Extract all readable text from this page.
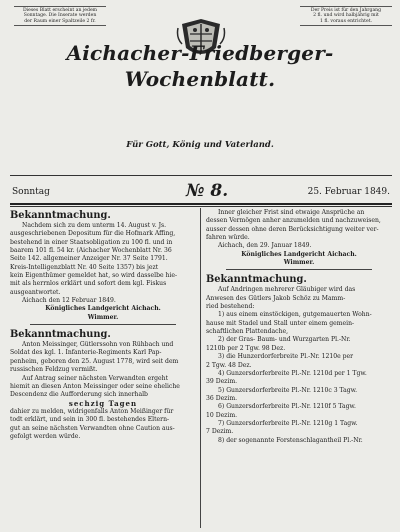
Dieses Blatt erscheint an jedem
Sonntage. Die Inserate werden
der Raum einer Spaltzeile 2 fr.
Der Preis ist für den Jahrgang
2 fl. und wird halbjährig mit
1 fl. voraus entrichtet.
Aichacher-Friedberger-
Wochenblatt.
Für Gott, König und Vaterland.
Sonntag	№ 8.	25. Februar 1849.

Bekanntmachung.

Nachdem sich zu dem unterm 14. August v. Js.

ausgeschriebenen Depositum für die Hofmark Affing,

bestehend in einer Staatsobligation zu 100 fl. und in

baarem 101 fl. 54 kr. (Aichacher Wochenblatt Nr. 36

Seite 142. allgemeiner Anzeiger Nr. 37 Seite 1791.

Kreis-Intelligenzblatt Nr. 40 Seite 1357) bis jezt

kein Eigenthümer gemeldet hat, so wird dasselbe hie-

mit als herrnlos erklärt und sofort dem kgl. Fiskus

ausgeantwortet.

Aichach den 12 Februar 1849.

Königliches Landgericht Aichach.

Wimmer.

Bekanntmachung.

Anton Meissinger, Gütlerssohn von Rühbach und

Soldat des kgl. 1. Infanterie-Regiments Karl Pap-

penheim, geboren den 25. August 1778, wird seit dem

russischen Feldzug vermißt.

Auf Antrag seiner nächsten Verwandten ergeht

hiemit an diesen Anton Meissinger oder seine eheliche

Descendenz die Aufforderung sich innerhalb

sechzig Tagen

dahier zu melden, widrigenfalls Anton Meißinger für

todt erklärt, und sein in 300 fl. bestehendes Eltern-

gut an seine nächsten Verwandten ohne Caution aus-

gefolgt werden würde.

Inner gleicher Frist sind etwaige Ansprüche an

dessen Vermögen anher anzumelden und nachzuweisen,

ausser dessen ohne deren Berücksichtigung weiter ver-

fahren würde.

Aichach, den 29. Januar 1849.

Königliches Landgericht Aichach.

Wimmer.

Bekanntmachung.

Auf Andringen mehrerer Gläubiger wird das

Anwesen des Gütlers Jakob Schöz zu Mamm-

ried bestehend:

1) aus einem einstöckigen, gutgemauerten Wohn-

hause mit Stadel und Stall unter einem gemein-

schaftlichen Plattendache,

2) der Gras- Baum- und Wurzgarten Pl.-Nr.

1210b per 2 Tgw. 98 Dez.

3) die Hunzerdorferbreite Pl.-Nr. 1210e per

2 Tgw. 48 Dez.

4) Gunzersdorferbreite Pl.-Nr. 1210d per 1 Tgw.

39 Dezim.

5) Gunzersdorferbreite Pl.-Nr. 1210c 3 Tagw.

36 Dezim.

6) Gunzersdorferbreite Pl.-Nr. 1210f 5 Tagw.

10 Dezim.

7) Gunzersdorferbreite Pl.-Nr. 1210g 1 Tagw.

7 Dezim.

8) der sogenannte Forstenschlagantheil Pl.-Nr.
